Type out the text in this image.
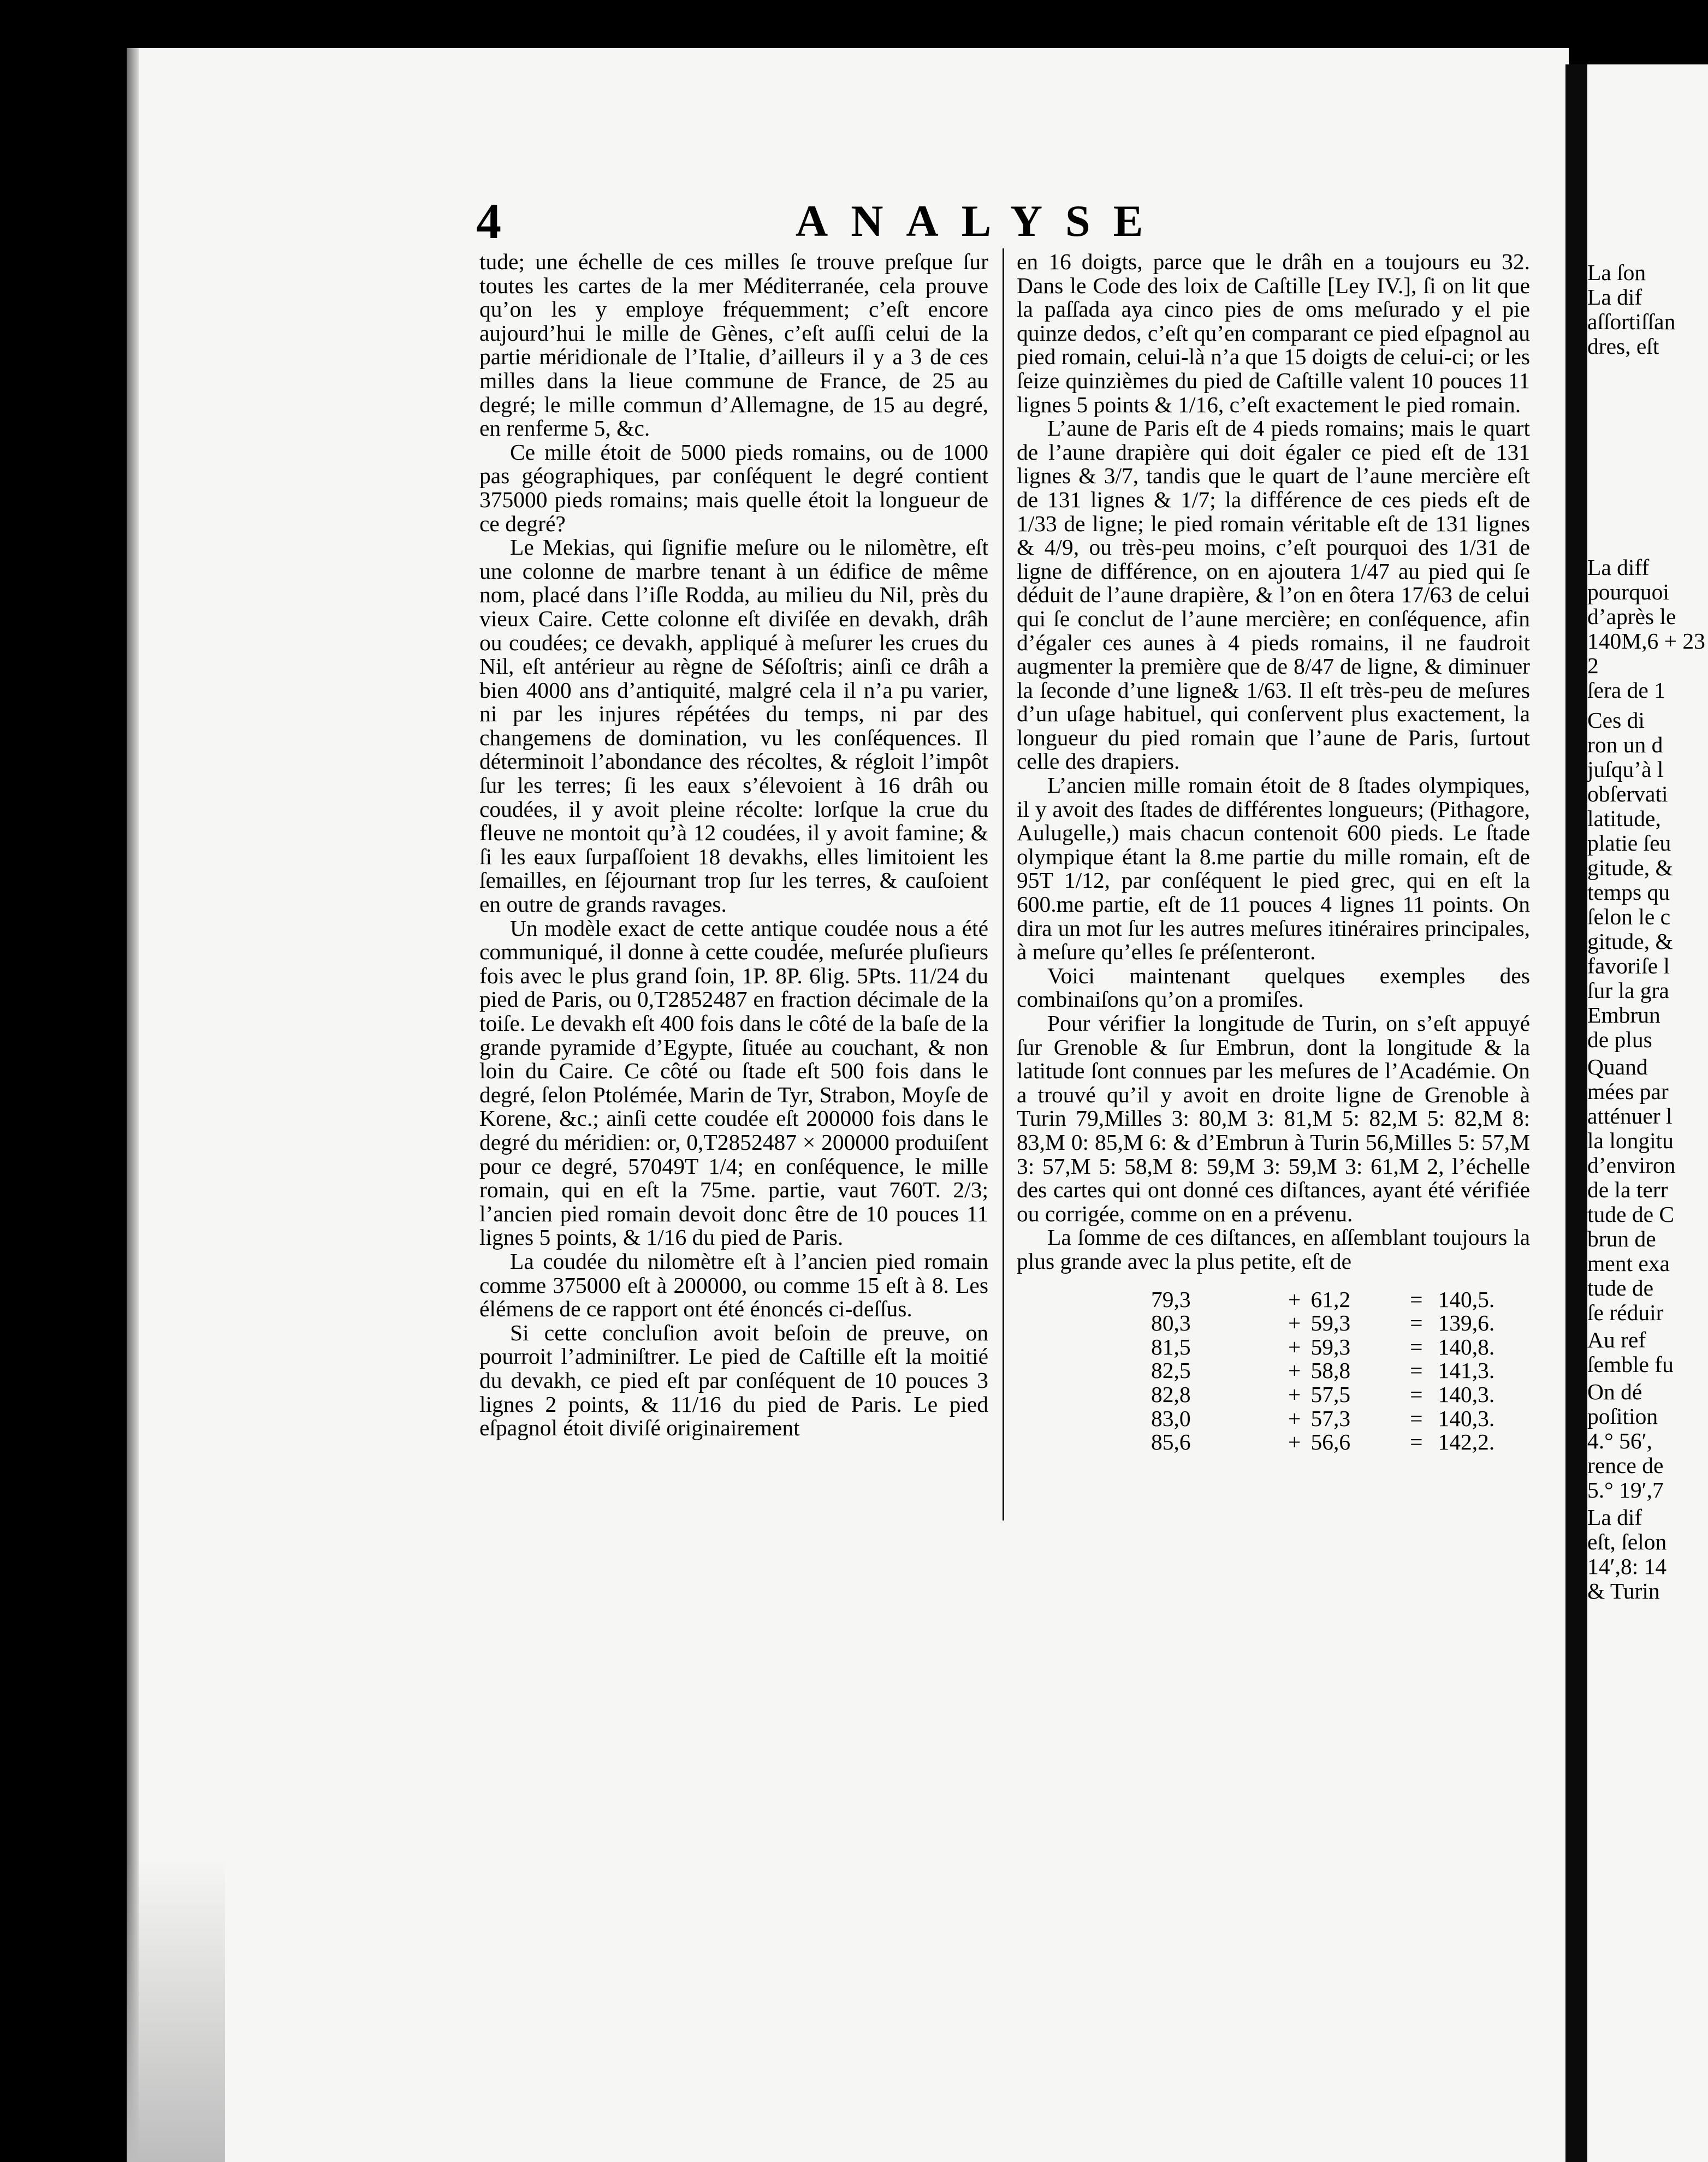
4	ANALYSE

tude; une échelle de ces milles ſe trouve preſque ſur toutes les cartes de la mer Méditerranée, cela prouve qu’on les y employe fréquemment; c’eſt encore aujourd’hui le mille de Gènes, c’eſt auſſi celui de la partie méridionale de l’Italie, d’ailleurs il y a 3 de ces milles dans la lieue commune de France, de 25 au degré; le mille commun d’Allemagne, de 15 au degré, en renferme 5, &c.

Ce mille étoit de 5000 pieds romains, ou de 1000 pas géographiques, par conſéquent le degré contient 375000 pieds romains; mais quelle étoit la longueur de ce degré?

Le Mekias, qui ſignifie meſure ou le nilomètre, eſt une colonne de marbre tenant à un édifice de même nom, placé dans l’iſle Rodda, au milieu du Nil, près du vieux Caire. Cette colonne eſt diviſée en devakh, drâh ou coudées; ce devakh, appliqué à meſurer les crues du Nil, eſt antérieur au règne de Séſoſtris; ainſi ce drâh a bien 4000 ans d’antiquité, malgré cela il n’a pu varier, ni par les injures répétées du temps, ni par des changemens de domination, vu les conſéquences. Il déterminoit l’abondance des récoltes, & régloit l’impôt ſur les terres; ſi les eaux s’élevoient à 16 drâh ou coudées, il y avoit pleine récolte: lorſque la crue du fleuve ne montoit qu’à 12 coudées, il y avoit famine; & ſi les eaux ſurpaſſoient 18 devakhs, elles limitoient les ſemailles, en ſéjournant trop ſur les terres, & cauſoient en outre de grands ravages.

Un modèle exact de cette antique coudée nous a été communiqué, il donne à cette coudée, meſurée pluſieurs fois avec le plus grand ſoin, 1P. 8P. 6lig. 5Pts. 11/24 du pied de Paris, ou 0,T2852487 en fraction décimale de la toiſe. Le devakh eſt 400 fois dans le côté de la baſe de la grande pyramide d’Egypte, ſituée au couchant, & non loin du Caire. Ce côté ou ſtade eſt 500 fois dans le degré, ſelon Ptolémée, Marin de Tyr, Strabon, Moyſe de Korene, &c.; ainſi cette coudée eſt 200000 fois dans le degré du méridien: or, 0,T2852487 × 200000 produiſent pour ce degré, 57049T 1/4; en conſéquence, le mille romain, qui en eſt la 75me. partie, vaut 760T. 2/3; l’ancien pied romain devoit donc être de 10 pouces 11 lignes 5 points, & 1/16 du pied de Paris.

La coudée du nilomètre eſt à l’ancien pied romain comme 375000 eſt à 200000, ou comme 15 eſt à 8. Les élémens de ce rapport ont été énoncés ci-deſſus.

Si cette concluſion avoit beſoin de preuve, on pourroit l’adminiſtrer. Le pied de Caſtille eſt la moitié du devakh, ce pied eſt par conſéquent de 10 pouces 3 lignes 2 points, & 11/16 du pied de Paris. Le pied eſpagnol étoit diviſé originairement

en 16 doigts, parce que le drâh en a toujours eu 32. Dans le Code des loix de Caſtille [Ley IV.], ſi on lit que la paſſada aya cinco pies de oms meſurado y el pie quinze dedos, c’eſt qu’en comparant ce pied eſpagnol au pied romain, celui-là n’a que 15 doigts de celui-ci; or les ſeize quinzièmes du pied de Caſtille valent 10 pouces 11 lignes 5 points & 1/16, c’eſt exactement le pied romain.

L’aune de Paris eſt de 4 pieds romains; mais le quart de l’aune drapière qui doit égaler ce pied eſt de 131 lignes & 3/7, tandis que le quart de l’aune mercière eſt de 131 lignes & 1/7; la différence de ces pieds eſt de 1/33 de ligne; le pied romain véritable eſt de 131 lignes & 4/9, ou très-peu moins, c’eſt pourquoi des 1/31 de ligne de différence, on en ajoutera 1/47 au pied qui ſe déduit de l’aune drapière, & l’on en ôtera 17/63 de celui qui ſe conclut de l’aune mercière; en conſéquence, afin d’égaler ces aunes à 4 pieds romains, il ne faudroit augmenter la première que de 8/47 de ligne, & diminuer la ſeconde d’une ligne& 1/63. Il eſt très-peu de meſures d’un uſage habituel, qui conſervent plus exactement, la longueur du pied romain que l’aune de Paris, ſurtout celle des drapiers.

L’ancien mille romain étoit de 8 ſtades olympiques, il y avoit des ſtades de différentes longueurs; (Pithagore, Aulugelle,) mais chacun contenoit 600 pieds. Le ſtade olympique étant la 8.me partie du mille romain, eſt de 95T 1/12, par conſéquent le pied grec, qui en eſt la 600.me partie, eſt de 11 pouces 4 lignes 11 points. On dira un mot ſur les autres meſures itinéraires principales, à meſure qu’elles ſe préſenteront.

Voici maintenant quelques exemples des combinaiſons qu’on a promiſes.

Pour vérifier la longitude de Turin, on s’eſt appuyé ſur Grenoble & ſur Embrun, dont la longitude & la latitude ſont connues par les meſures de l’Académie. On a trouvé qu’il y avoit en droite ligne de Grenoble à Turin 79,Milles 3: 80,M 3: 81,M 5: 82,M 5: 82,M 8: 83,M 0: 85,M 6: & d’Embrun à Turin 56,Milles 5: 57,M 3: 57,M 5: 58,M 8: 59,M 3: 59,M 3: 61,M 2, l’échelle des cartes qui ont donné ces diſtances, ayant été vérifiée ou corrigée, comme on en a prévenu.

La ſomme de ces diſtances, en aſſemblant toujours la plus grande avec la plus petite, eſt de

79,3	+ 61,2	= 140,5.
80,3	+ 59,3	= 139,6.
81,5	+ 59,3	= 140,8.
82,5	+ 58,8	= 141,3.
82,8	+ 57,5	= 140,3.
83,0	+ 57,3	= 140,3.
85,6	+ 56,6	= 142,2.
La ſon
La dif
aſſortiſſan
dres, eſt
La diff
pourquoi
d’après le
140M,6 + 23
2
ſera de 1
Ces di
ron un d
juſqu’à l
obſervati
latitude,
platie ſeu
gitude, &
temps qu
ſelon le c
gitude, &
favoriſe l
ſur la gra
Embrun
de plus
Quand
mées par
atténuer l
la longitu
d’environ
de la terr
tude de C
brun de
ment exa
tude de
ſe réduir
Au ref
ſemble fu
On dé
poſition
4.° 56′,
rence de
5.° 19′,7
La dif
eſt, ſelon
14′,8: 14
& Turin
